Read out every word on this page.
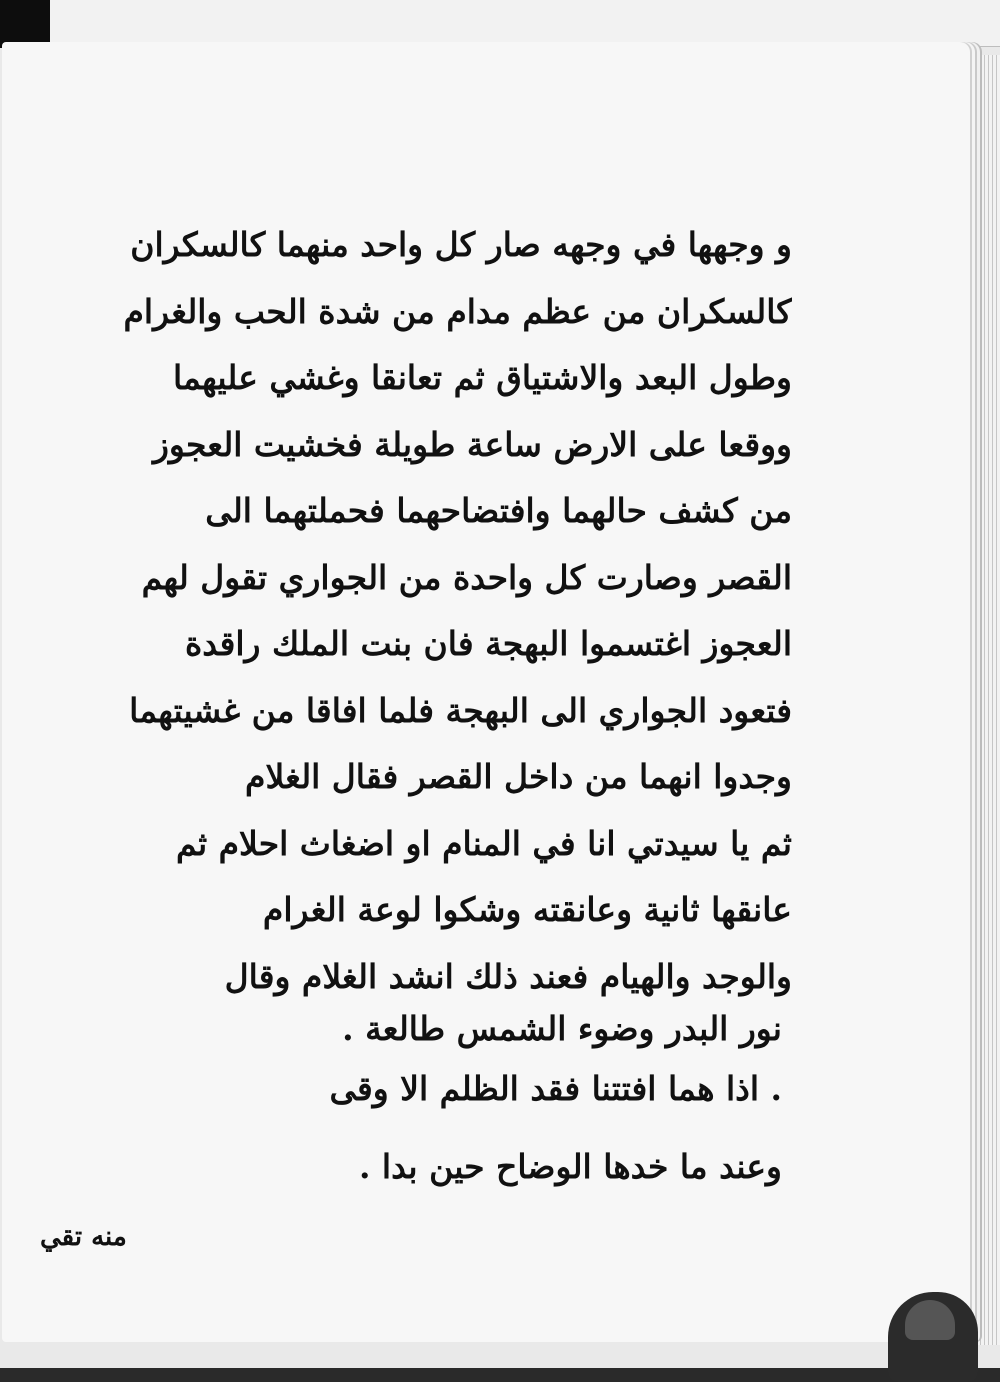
و وجهها في وجهه صار كل واحد منهما كالسكران
كالسكران من عظم مدام من شدة الحب والغرام
وطول البعد والاشتياق ثم تعانقا وغشي عليهما
ووقعا على الارض ساعة طويلة فخشيت العجوز
من كشف حالهما وافتضاحهما فحملتهما الى
القصر وصارت كل واحدة من الجواري تقول لهم
العجوز اغتسموا البهجة فان بنت الملك راقدة
فتعود الجواري الى البهجة فلما افاقا من غشيتهما
وجدوا انهما من داخل القصر فقال الغلام
ثم يا سيدتي انا في المنام او اضغاث احلام ثم
عانقها ثانية وعانقته وشكوا لوعة الغرام
والوجد والهيام فعند ذلك انشد الغلام وقال
نور البدر وضوء الشمس طالعة .
. اذا هما افتتنا فقد الظلم الا وقى
وعند ما خدها الوضاح حين بدا .
منه تقي
